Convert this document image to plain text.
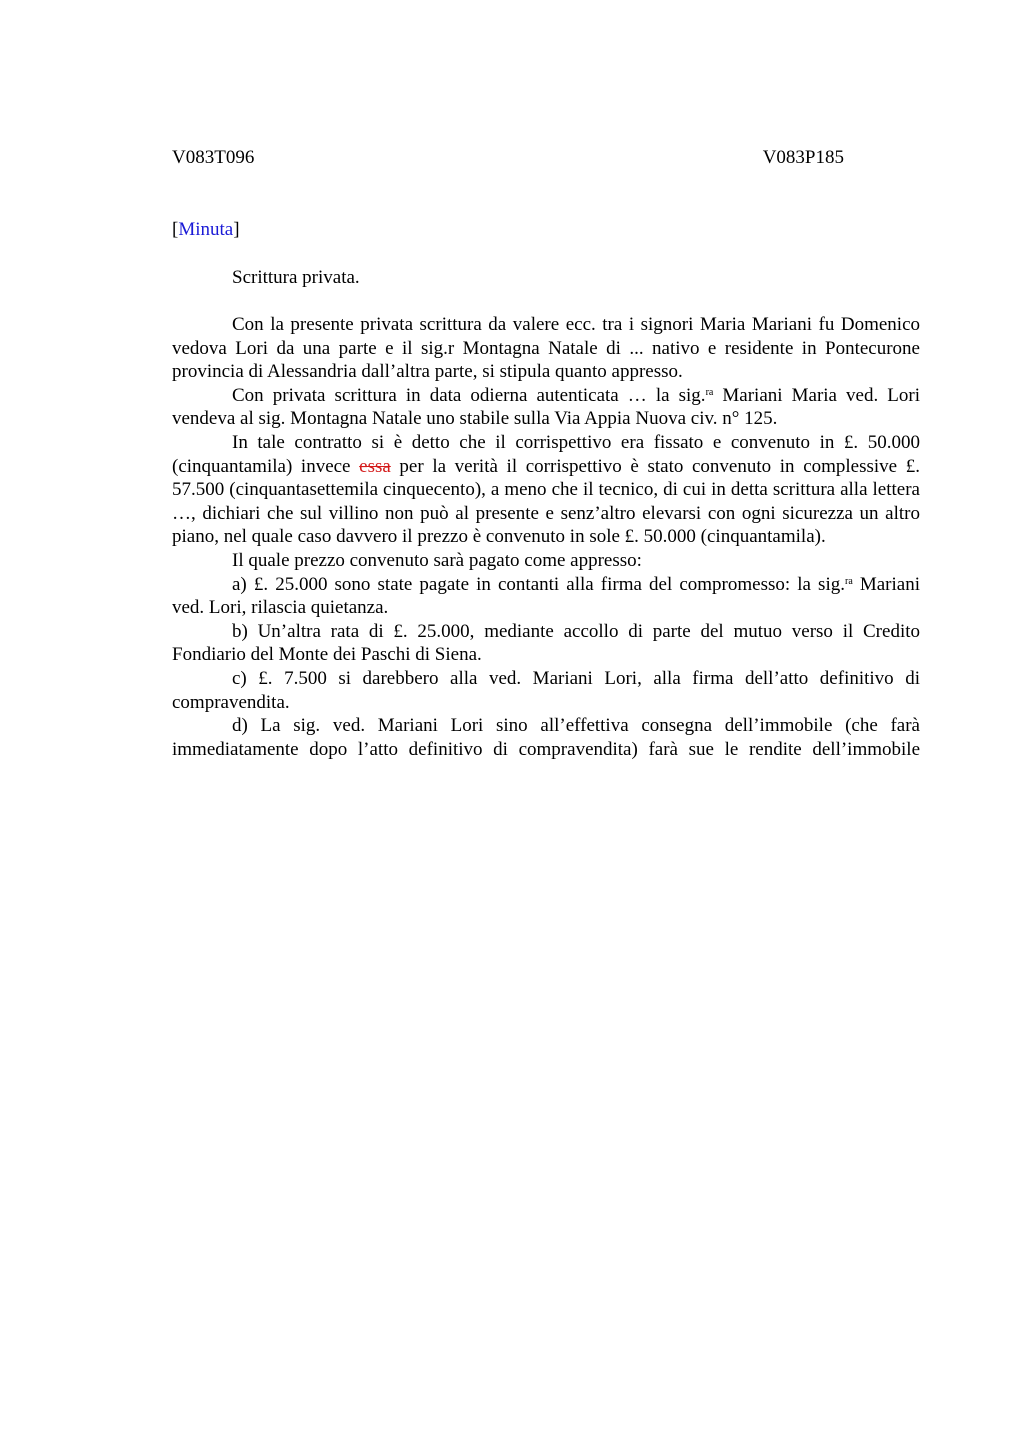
V083T096	V083P185
[Minuta]
Scrittura privata.

Con la presente privata scrittura da valere ecc. tra i signori Maria Mariani fu Domenico vedova Lori da una parte e il sig.r Montagna Natale di ... nativo e residente in Pontecurone provincia di Alessandria dall’altra parte, si stipula quanto appresso.

Con privata scrittura in data odierna autenticata … la sig.$^{ra}$ Mariani Maria ved. Lori vendeva al sig. Montagna Natale uno stabile sulla Via Appia Nuova civ. n° 125.

In tale contratto si è detto che il corrispettivo era fissato e convenuto in £. 50.000 (cinquantamila) invece essa per la verità il corrispettivo è stato convenuto in complessive £. 57.500 (cinquantasettemila cinquecento), a meno che il tecnico, di cui in detta scrittura alla lettera …, dichiari che sul villino non può al presente e senz’altro elevarsi con ogni sicurezza un altro piano, nel quale caso davvero il prezzo è convenuto in sole £. 50.000 (cinquantamila).

Il quale prezzo convenuto sarà pagato come appresso:

a) £. 25.000 sono state pagate in contanti alla firma del compromesso: la sig.$^{ra}$ Mariani ved. Lori, rilascia quietanza.

b) Un’altra rata di £. 25.000, mediante accollo di parte del mutuo verso il Credito Fondiario del Monte dei Paschi di Siena.

c) £. 7.500 si darebbero alla ved. Mariani Lori, alla firma dell’atto definitivo di compravendita.

d) La sig. ved. Mariani Lori sino all’effettiva consegna dell’immobile (che farà immediatamente dopo l’atto definitivo di compravendita) farà sue le rendite dell’immobile
